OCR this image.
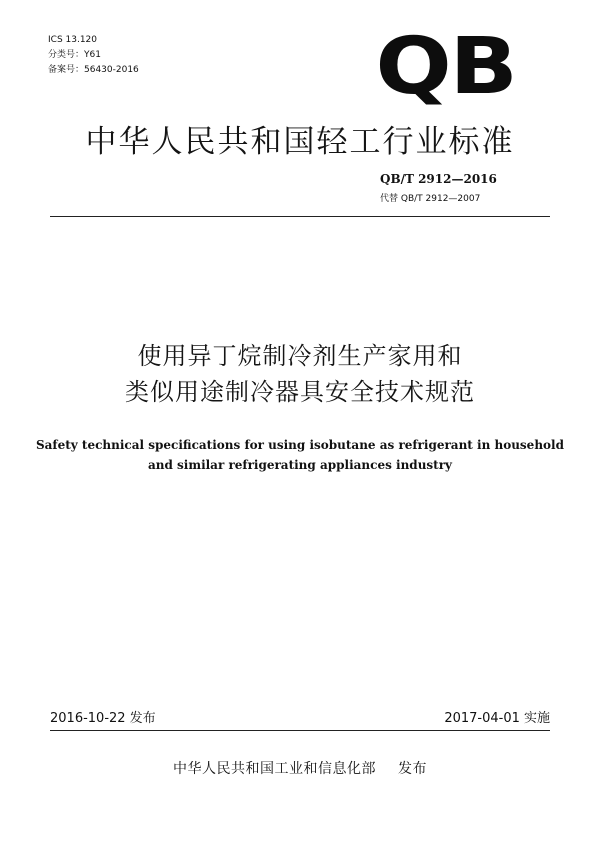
ICS 13.120
分类号：Y61
备案号：56430-2016	QB
中华人民共和国轻工行业标准
QB/T 2912—2016
代替 QB/T 2912—2007
使用异丁烷制冷剂生产家用和
类似用途制冷器具安全技术规范
Safety technical specifications for using isobutane as refrigerant in household
and similar refrigerating appliances industry
2016-10-22 发布	2017-04-01 实施
中华人民共和国工业和信息化部 发布
